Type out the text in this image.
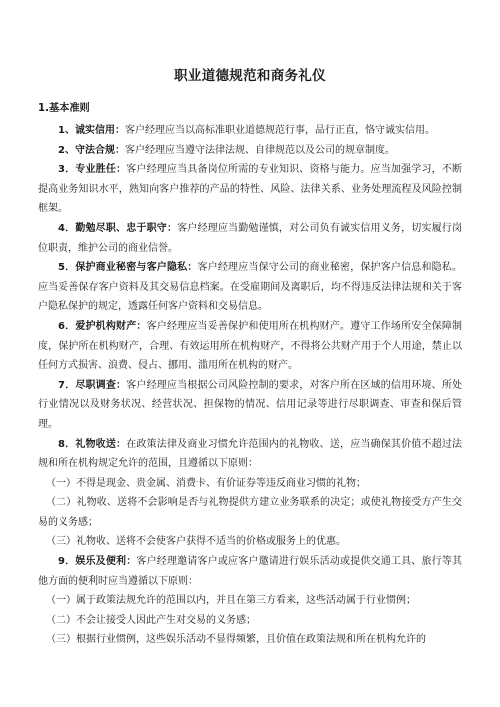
职业道德规范和商务礼仪
1.基本准则

1、诚实信用：客户经理应当以高标准职业道德规范行事，品行正直，恪守诚实信用。

2、守法合规：客户经理应当遵守法律法规、自律规范以及公司的规章制度。

3．专业胜任：客户经理应当具备岗位所需的专业知识、资格与能力。应当加强学习，不断提高业务知识水平，熟知向客户推荐的产品的特性、风险、法律关系、业务处理流程及风险控制框架。

4．勤勉尽职、忠于职守：客户经理应当勤勉谨慎，对公司负有诚实信用义务，切实履行岗位职责，维护公司的商业信誉。

5．保护商业秘密与客户隐私：客户经理应当保守公司的商业秘密，保护客户信息和隐私。应当妥善保存客户资料及其交易信息档案。在受雇期间及离职后，均不得违反法律法规和关于客户隐私保护的规定，透露任何客户资料和交易信息。

6．爱护机构财产：客户经理应当妥善保护和使用所在机构财产。遵守工作场所安全保障制度，保护所在机构财产，合理、有效运用所在机构财产，不得将公共财产用于个人用途，禁止以任何方式损害、浪费、侵占、挪用、滥用所在机构的财产。

7．尽职调查：客户经理应当根据公司风险控制的要求，对客户所在区域的信用环境、所处行业情况以及财务状况、经营状况、担保物的情况、信用记录等进行尽职调查、审查和保后管理。

8．礼物收送：在政策法律及商业习惯允许范围内的礼物收、送，应当确保其价值不超过法规和所在机构规定允许的范围，且遵循以下原则：

（一）不得是现金、贵金属、消费卡、有价证券等违反商业习惯的礼物；

（二）礼物收、送将不会影响是否与礼物提供方建立业务联系的决定；或使礼物接受方产生交易的义务感；

（三）礼物收、送将不会使客户获得不适当的价格或服务上的优惠。

9．娱乐及便利：客户经理邀请客户或应客户邀请进行娱乐活动或提供交通工具、旅行等其他方面的便利时应当遵循以下原则：

（一）属于政策法规允许的范围以内，并且在第三方看来，这些活动属于行业惯例；

（二）不会让接受人因此产生对交易的义务感；

（三）根据行业惯例，这些娱乐活动不显得频繁，且价值在政策法规和所在机构允许的
